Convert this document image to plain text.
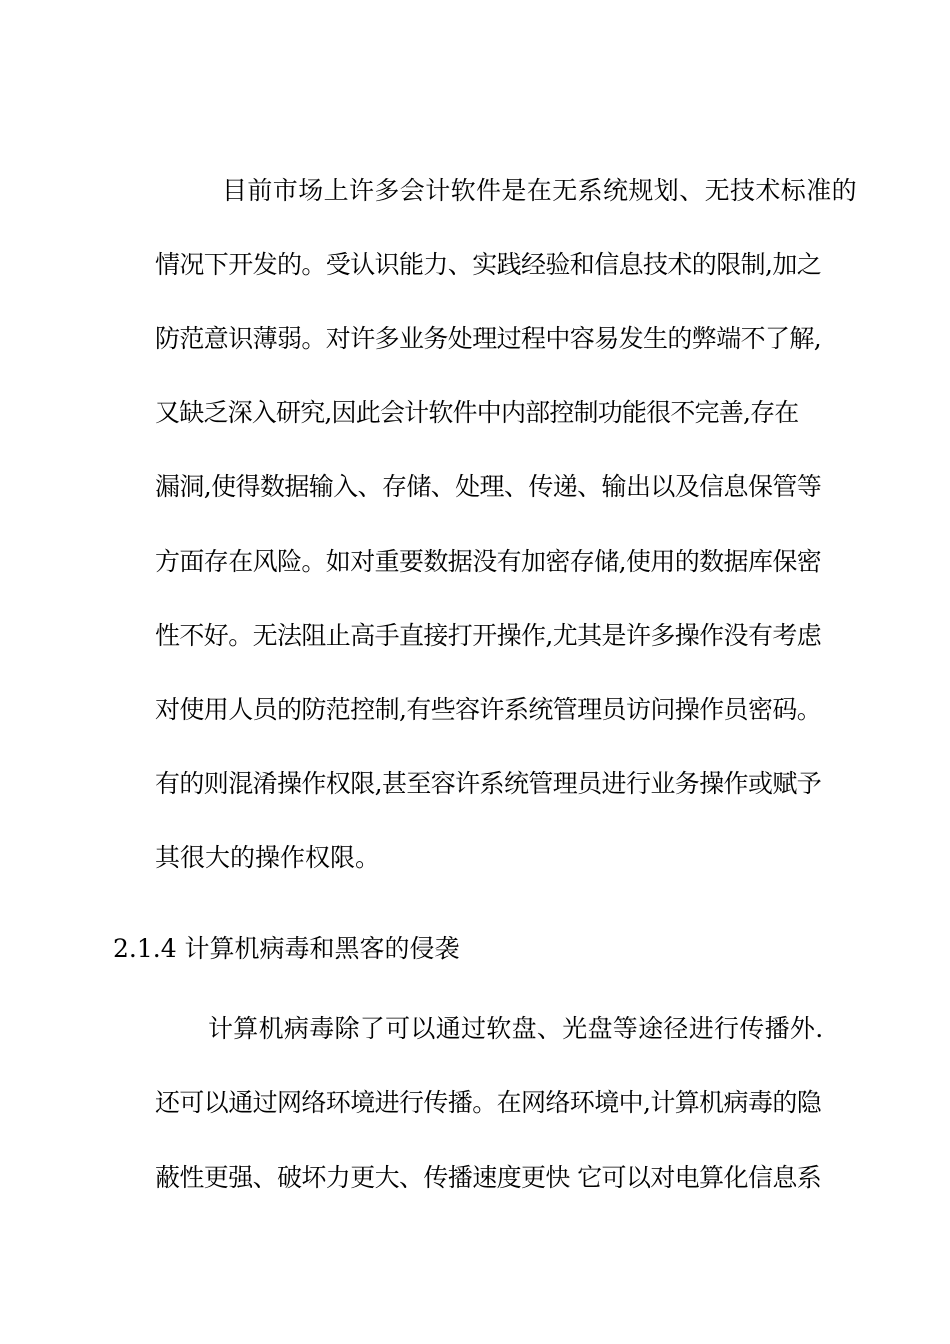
目前市场上许多会计软件是在无系统规划、无技术标准的
情况下开发的。受认识能力、实践经验和信息技术的限制,加之
防范意识薄弱。对许多业务处理过程中容易发生的弊端不了解,
又缺乏深入研究,因此会计软件中内部控制功能很不完善,存在
漏洞,使得数据输入、存储、处理、传递、输出以及信息保管等
方面存在风险。如对重要数据没有加密存储,使用的数据库保密
性不好。无法阻止高手直接打开操作,尤其是许多操作没有考虑
对使用人员的防范控制,有些容许系统管理员访问操作员密码。
有的则混淆操作权限,甚至容许系统管理员进行业务操作或赋予
其很大的操作权限。
2.1.4 计算机病毒和黑客的侵袭
计算机病毒除了可以通过软盘、光盘等途径进行传播外.
还可以通过网络环境进行传播。在网络环境中,计算机病毒的隐
蔽性更强、破坏力更大、传播速度更快 它可以对电算化信息系
